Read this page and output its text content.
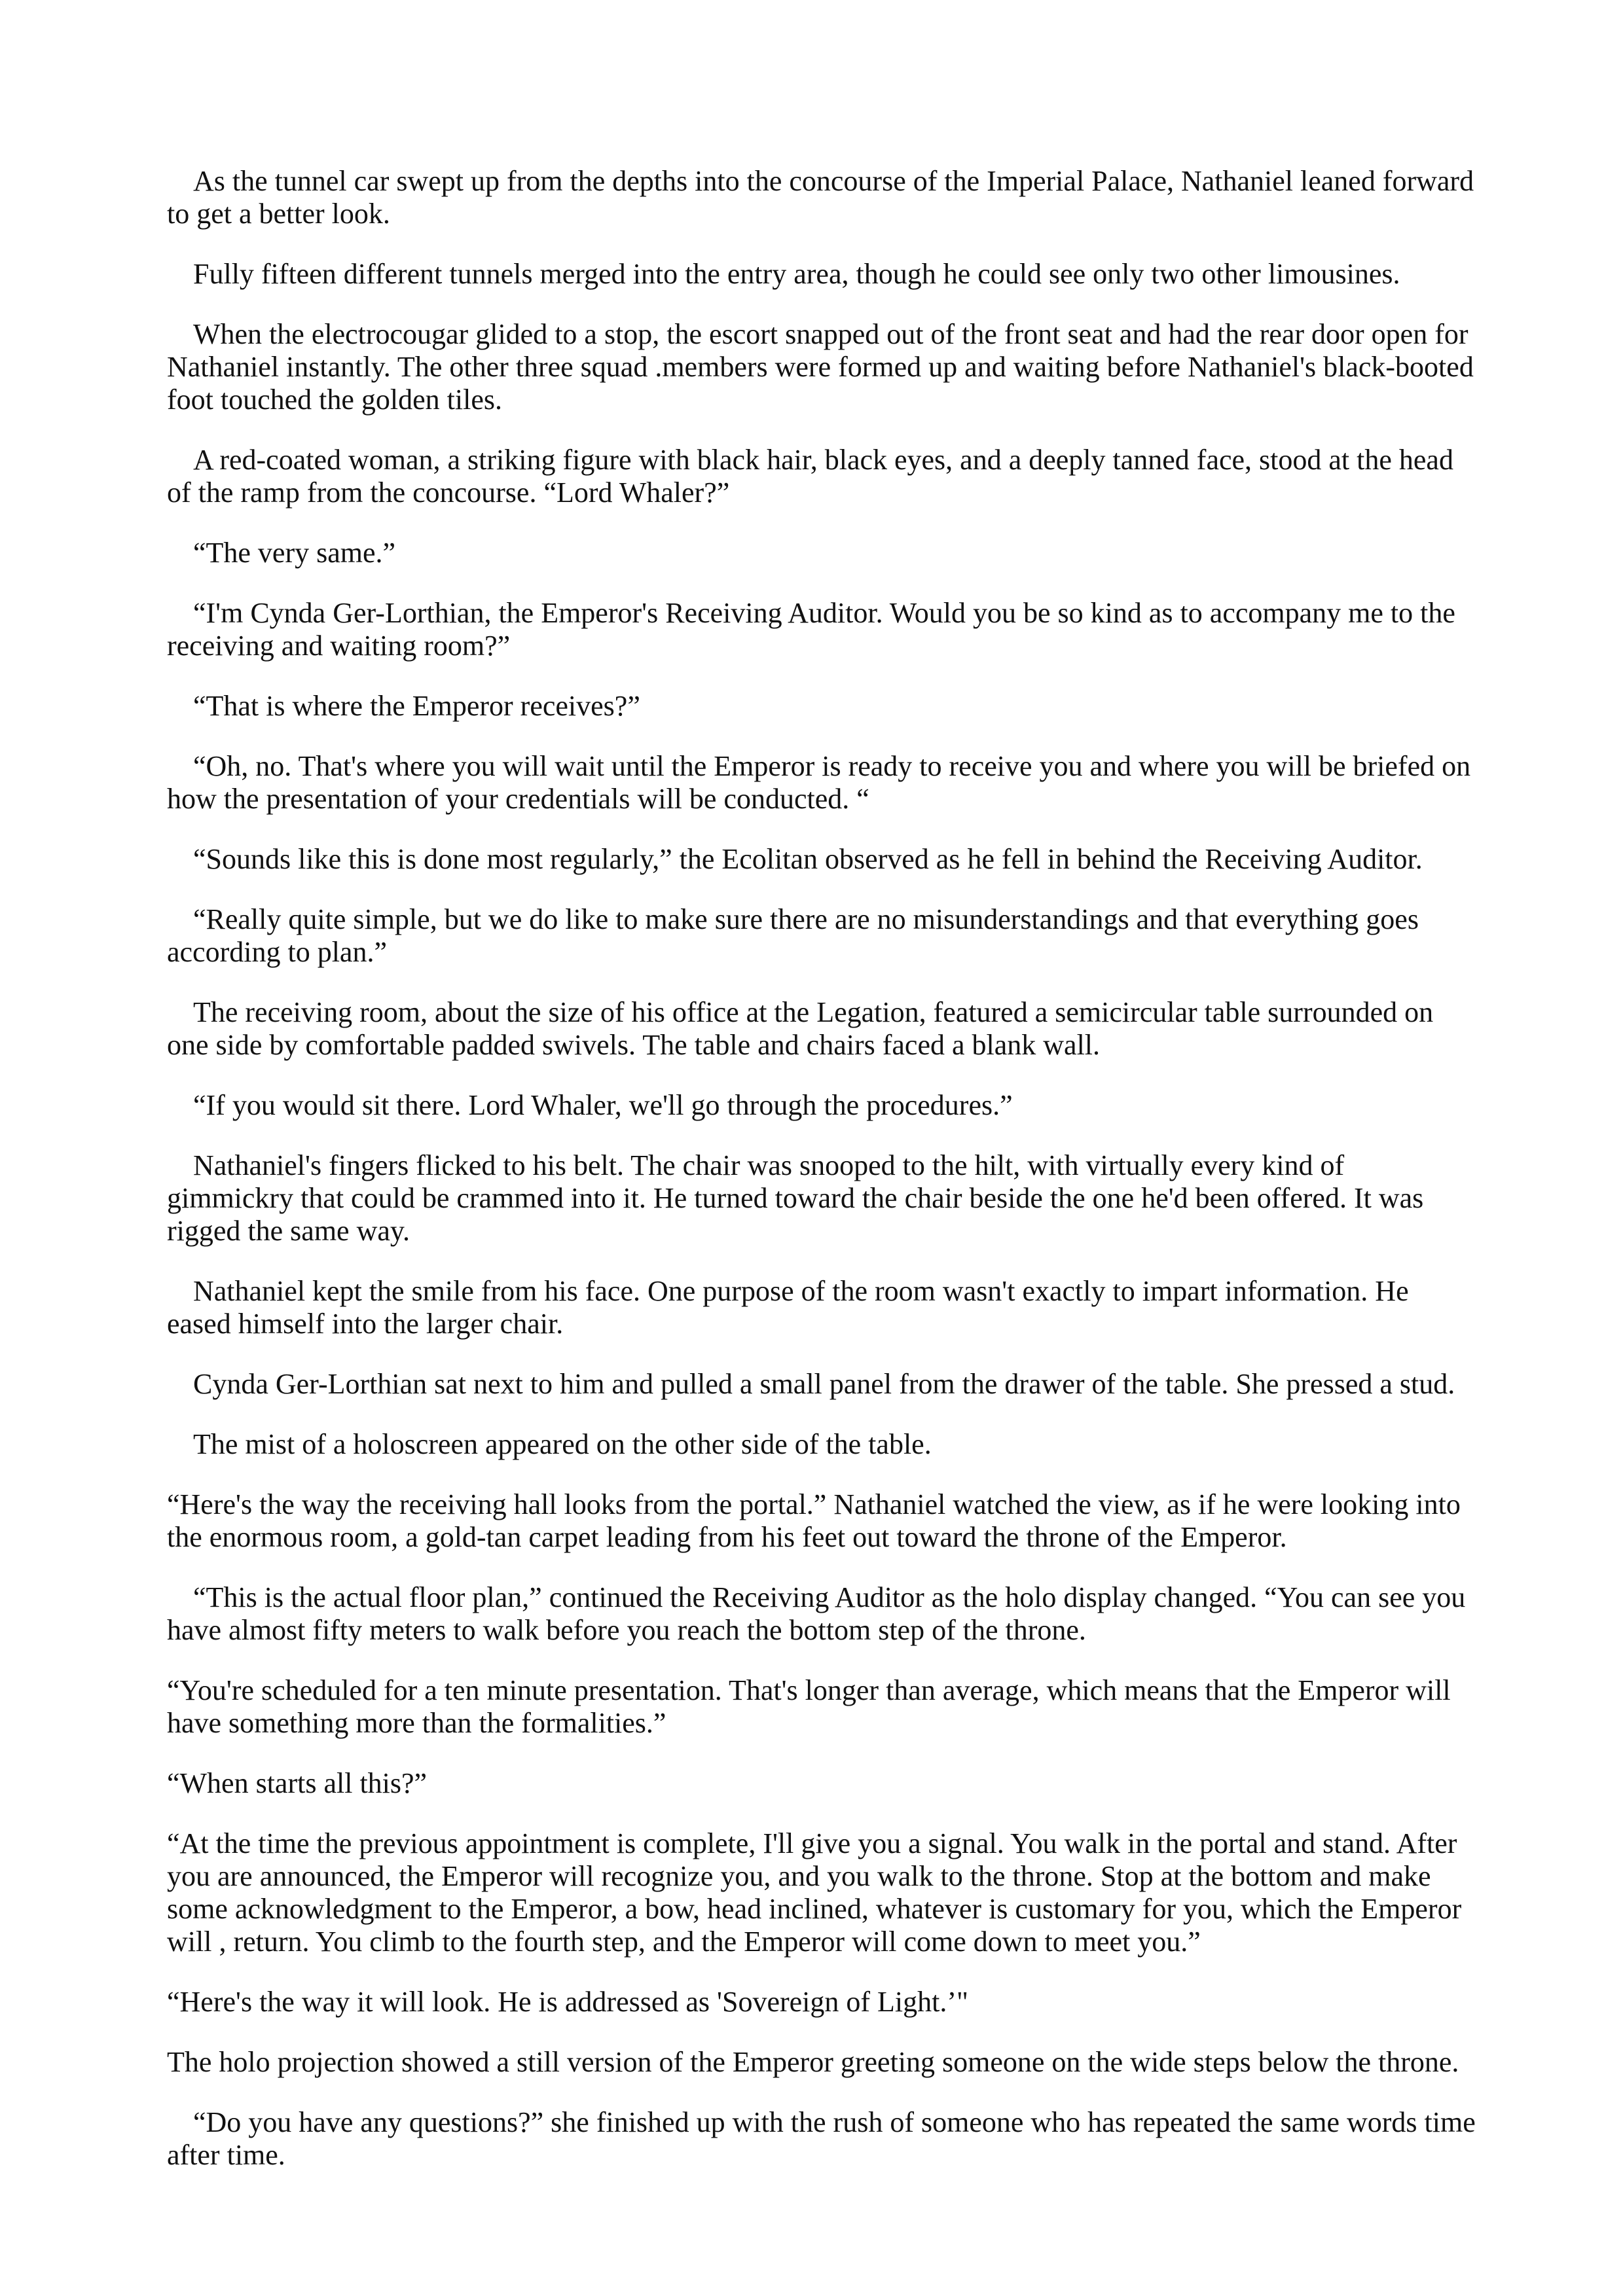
As the tunnel car swept up from the depths into the concourse of the Imperial Palace, Nathaniel leaned forward to get a better look.

Fully fifteen different tunnels merged into the entry area, though he could see only two other limousines.

When the electrocougar glided to a stop, the escort snapped out of the front seat and had the rear door open for Nathaniel instantly. The other three squad .members were formed up and waiting before Nathaniel's black-booted foot touched the golden tiles.

A red-coated woman, a striking figure with black hair, black eyes, and a deeply tanned face, stood at the head of the ramp from the concourse. “Lord Whaler?”

“The very same.”

“I'm Cynda Ger-Lorthian, the Emperor's Receiving Auditor. Would you be so kind as to accompany me to the receiving and waiting room?”

“That is where the Emperor receives?”

“Oh, no. That's where you will wait until the Emperor is ready to receive you and where you will be briefed on how the presentation of your credentials will be conducted. “

“Sounds like this is done most regularly,” the Ecolitan observed as he fell in behind the Receiving Auditor.

“Really quite simple, but we do like to make sure there are no misunderstandings and that everything goes according to plan.”

The receiving room, about the size of his office at the Legation, featured a semicircular table surrounded on one side by comfortable padded swivels. The table and chairs faced a blank wall.

“If you would sit there. Lord Whaler, we'll go through the procedures.”

Nathaniel's fingers flicked to his belt. The chair was snooped to the hilt, with virtually every kind of gimmickry that could be crammed into it. He turned toward the chair beside the one he'd been offered. It was rigged the same way.

Nathaniel kept the smile from his face. One purpose of the room wasn't exactly to impart information. He eased himself into the larger chair.

Cynda Ger-Lorthian sat next to him and pulled a small panel from the drawer of the table. She pressed a stud.

The mist of a holoscreen appeared on the other side of the table.

“Here's the way the receiving hall looks from the portal.” Nathaniel watched the view, as if he were looking into the enormous room, a gold-tan carpet leading from his feet out toward the throne of the Emperor.

“This is the actual floor plan,” continued the Receiving Auditor as the holo display changed. “You can see you have almost fifty meters to walk before you reach the bottom step of the throne.

“You're scheduled for a ten minute presentation. That's longer than average, which means that the Emperor will have something more than the formalities.”

“When starts all this?”

“At the time the previous appointment is complete, I'll give you a signal. You walk in the portal and stand. After you are announced, the Emperor will recognize you, and you walk to the throne. Stop at the bottom and make some acknowledgment to the Emperor, a bow, head inclined, whatever is customary for you, which the Emperor will , return. You climb to the fourth step, and the Emperor will come down to meet you.”

“Here's the way it will look. He is addressed as 'Sovereign of Light.’"

The holo projection showed a still version of the Emperor greeting someone on the wide steps below the throne.

“Do you have any questions?” she finished up with the rush of someone who has repeated the same words time after time.
